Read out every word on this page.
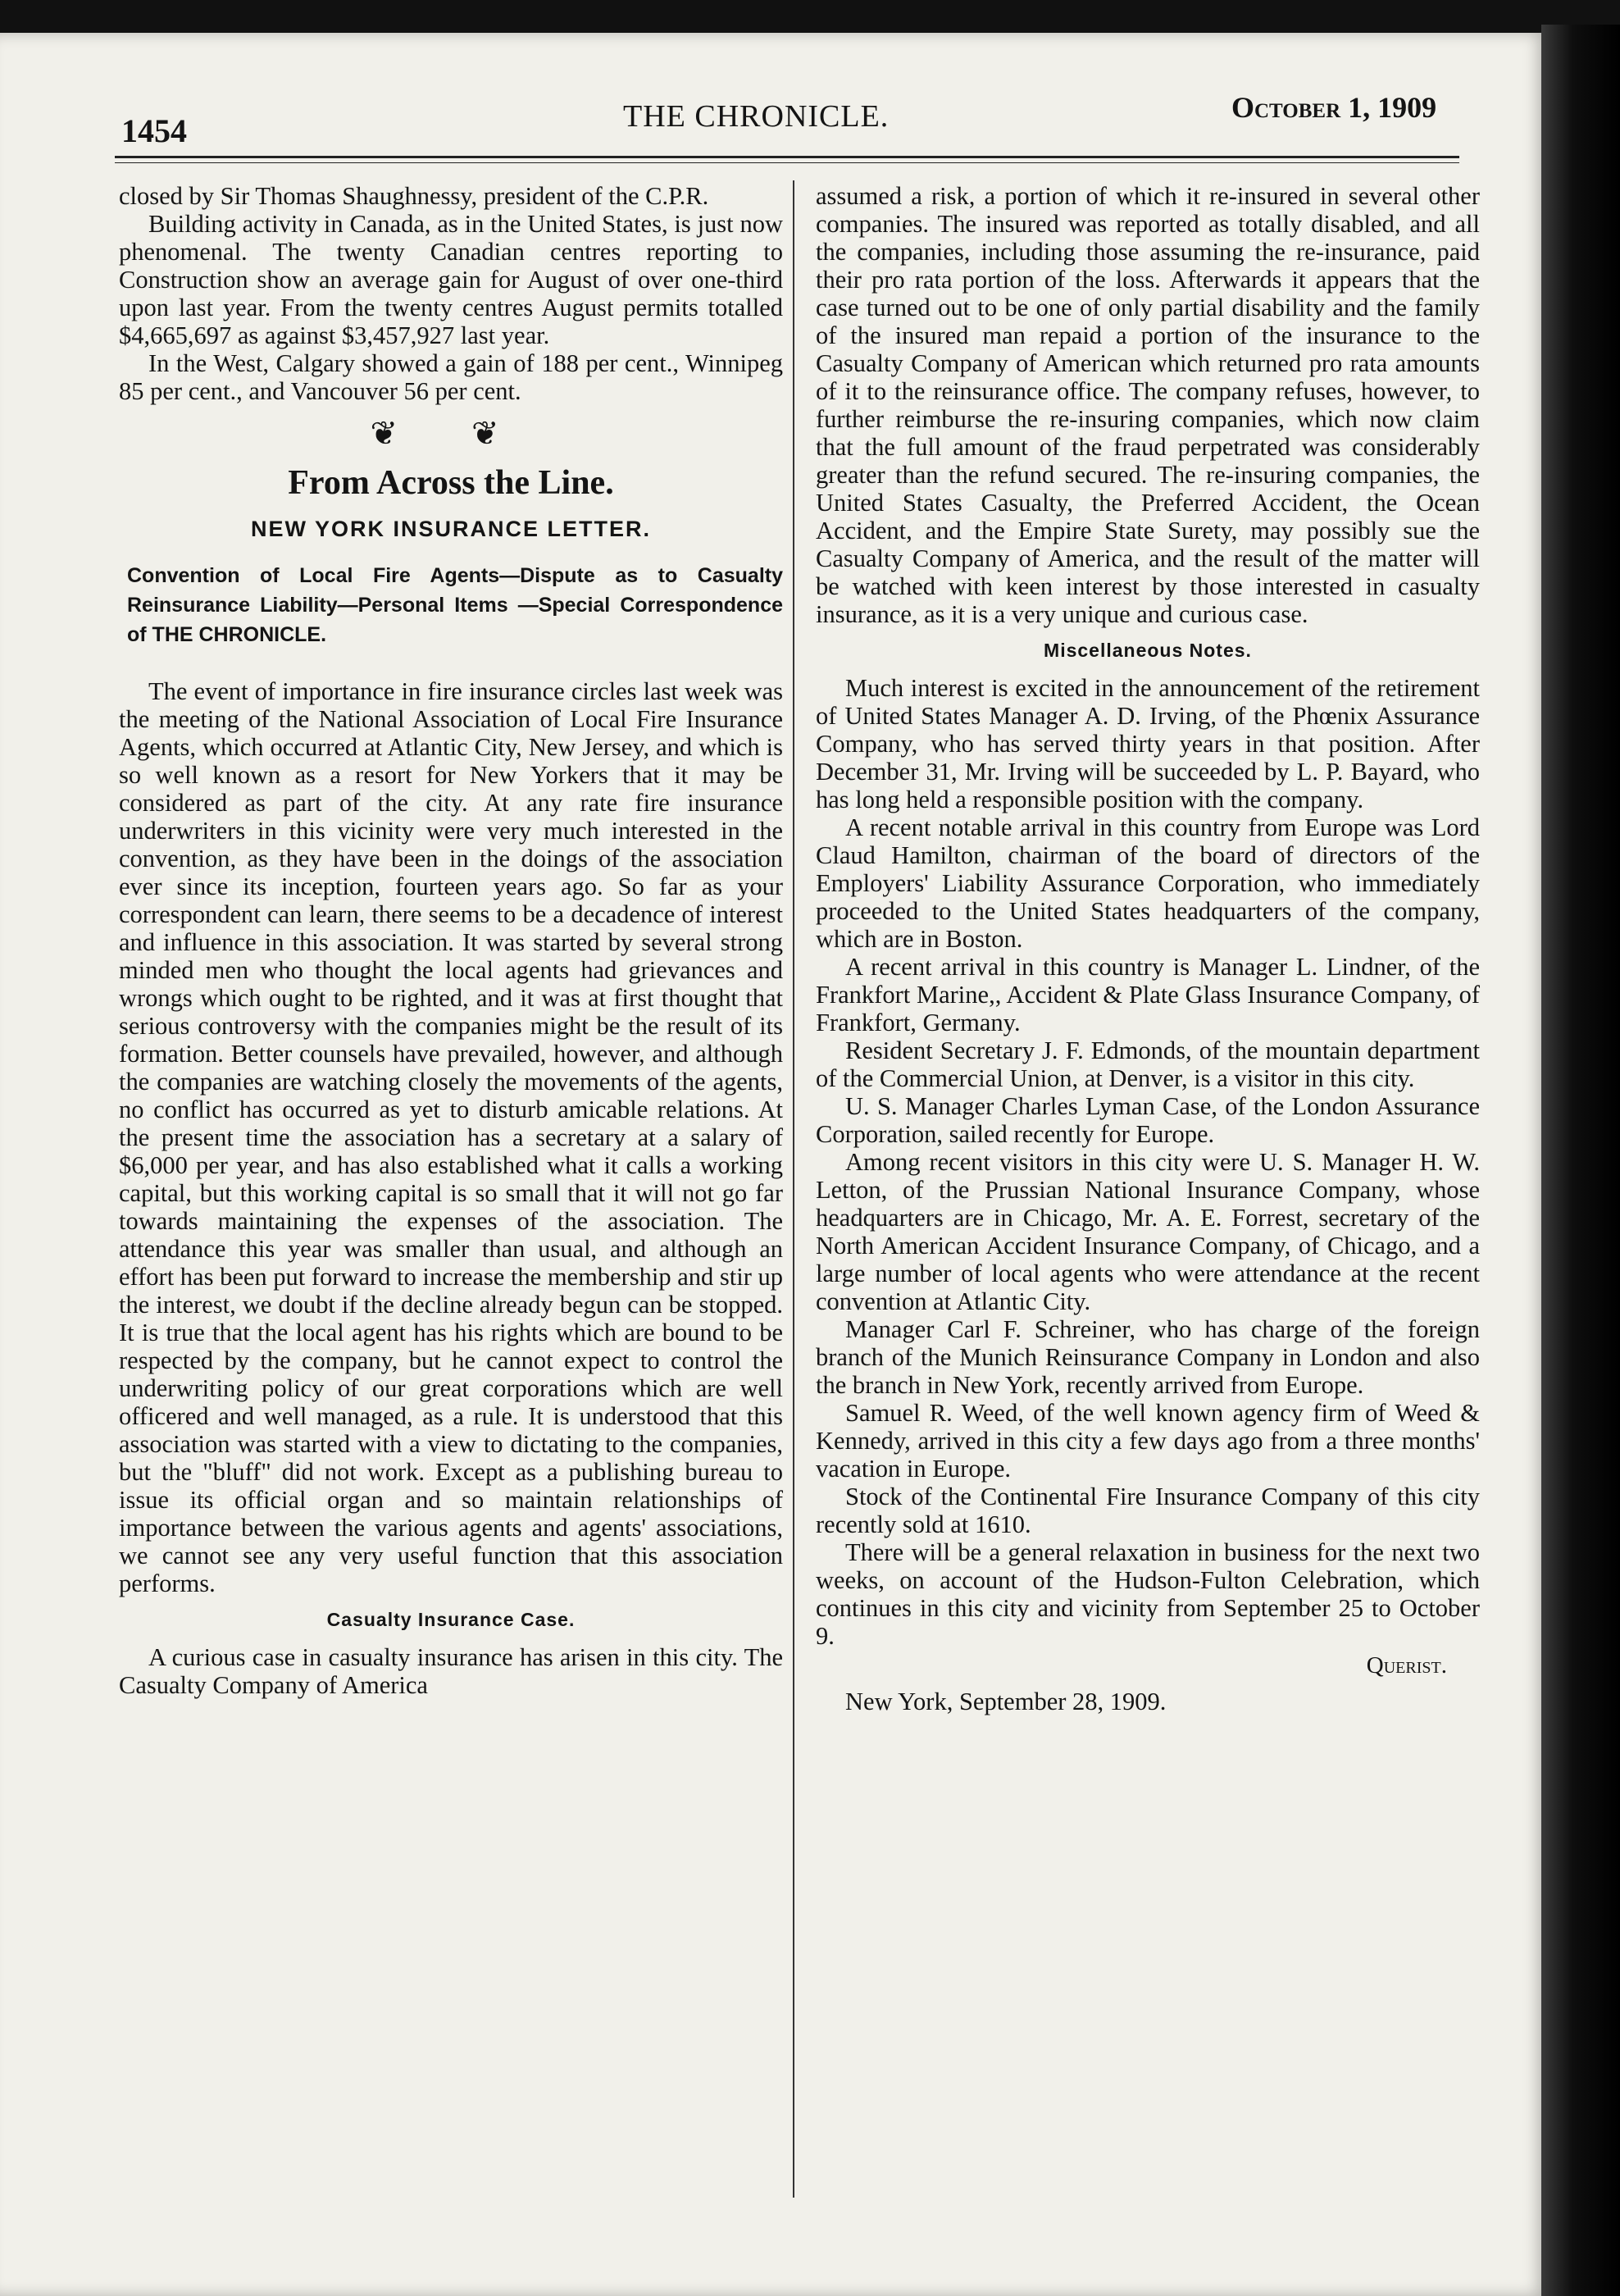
1454	THE CHRONICLE.	October 1, 1909

closed by Sir Thomas Shaughnessy, president of the C.P.R.

Building activity in Canada, as in the United States, is just now phenomenal. The twenty Canadian centres reporting to Construction show an average gain for August of over one-third upon last year. From the twenty centres August permits totalled $4,665,697 as against $3,457,927 last year.

In the West, Calgary showed a gain of 188 per cent., Winnipeg 85 per cent., and Vancouver 56 per cent.

❦ ❦
From Across the Line.
NEW YORK INSURANCE LETTER.
Convention of Local Fire Agents—Dispute as to Casualty Reinsurance Liability—Personal Items —Special Correspondence of THE CHRONICLE.

The event of importance in fire insurance circles last week was the meeting of the National Association of Local Fire Insurance Agents, which occurred at Atlantic City, New Jersey, and which is so well known as a resort for New Yorkers that it may be considered as part of the city. At any rate fire insurance underwriters in this vicinity were very much interested in the convention, as they have been in the doings of the association ever since its inception, fourteen years ago. So far as your correspondent can learn, there seems to be a decadence of interest and influence in this association. It was started by several strong minded men who thought the local agents had grievances and wrongs which ought to be righted, and it was at first thought that serious controversy with the companies might be the result of its formation. Better counsels have prevailed, however, and although the companies are watching closely the movements of the agents, no conflict has occurred as yet to disturb amicable relations. At the present time the association has a secretary at a salary of $6,000 per year, and has also established what it calls a working capital, but this working capital is so small that it will not go far towards maintaining the expenses of the association. The attendance this year was smaller than usual, and although an effort has been put forward to increase the membership and stir up the interest, we doubt if the decline already begun can be stopped. It is true that the local agent has his rights which are bound to be respected by the company, but he cannot expect to control the underwriting policy of our great corporations which are well officered and well managed, as a rule. It is understood that this association was started with a view to dictating to the companies, but the "bluff" did not work. Except as a publishing bureau to issue its official organ and so maintain relationships of importance between the various agents and agents' associations, we cannot see any very useful function that this association performs.

Casualty Insurance Case.

A curious case in casualty insurance has arisen in this city. The Casualty Company of America

assumed a risk, a portion of which it re-insured in several other companies. The insured was reported as totally disabled, and all the companies, including those assuming the re-insurance, paid their pro rata portion of the loss. Afterwards it appears that the case turned out to be one of only partial disability and the family of the insured man repaid a portion of the insurance to the Casualty Company of American which returned pro rata amounts of it to the reinsurance office. The company refuses, however, to further reimburse the re-insuring companies, which now claim that the full amount of the fraud perpetrated was considerably greater than the refund secured. The re-insuring companies, the United States Casualty, the Preferred Accident, the Ocean Accident, and the Empire State Surety, may possibly sue the Casualty Company of America, and the result of the matter will be watched with keen interest by those interested in casualty insurance, as it is a very unique and curious case.

Miscellaneous Notes.

Much interest is excited in the announcement of the retirement of United States Manager A. D. Irving, of the Phœnix Assurance Company, who has served thirty years in that position. After December 31, Mr. Irving will be succeeded by L. P. Bayard, who has long held a responsible position with the company.

A recent notable arrival in this country from Europe was Lord Claud Hamilton, chairman of the board of directors of the Employers' Liability Assurance Corporation, who immediately proceeded to the United States headquarters of the company, which are in Boston.

A recent arrival in this country is Manager L. Lindner, of the Frankfort Marine,, Accident & Plate Glass Insurance Company, of Frankfort, Germany.

Resident Secretary J. F. Edmonds, of the mountain department of the Commercial Union, at Denver, is a visitor in this city.

U. S. Manager Charles Lyman Case, of the London Assurance Corporation, sailed recently for Europe.

Among recent visitors in this city were U. S. Manager H. W. Letton, of the Prussian National Insurance Company, whose headquarters are in Chicago, Mr. A. E. Forrest, secretary of the North American Accident Insurance Company, of Chicago, and a large number of local agents who were attendance at the recent convention at Atlantic City.

Manager Carl F. Schreiner, who has charge of the foreign branch of the Munich Reinsurance Company in London and also the branch in New York, recently arrived from Europe.

Samuel R. Weed, of the well known agency firm of Weed & Kennedy, arrived in this city a few days ago from a three months' vacation in Europe.

Stock of the Continental Fire Insurance Company of this city recently sold at 1610.

There will be a general relaxation in business for the next two weeks, on account of the Hudson-Fulton Celebration, which continues in this city and vicinity from September 25 to October 9.

Querist.

New York, September 28, 1909.
